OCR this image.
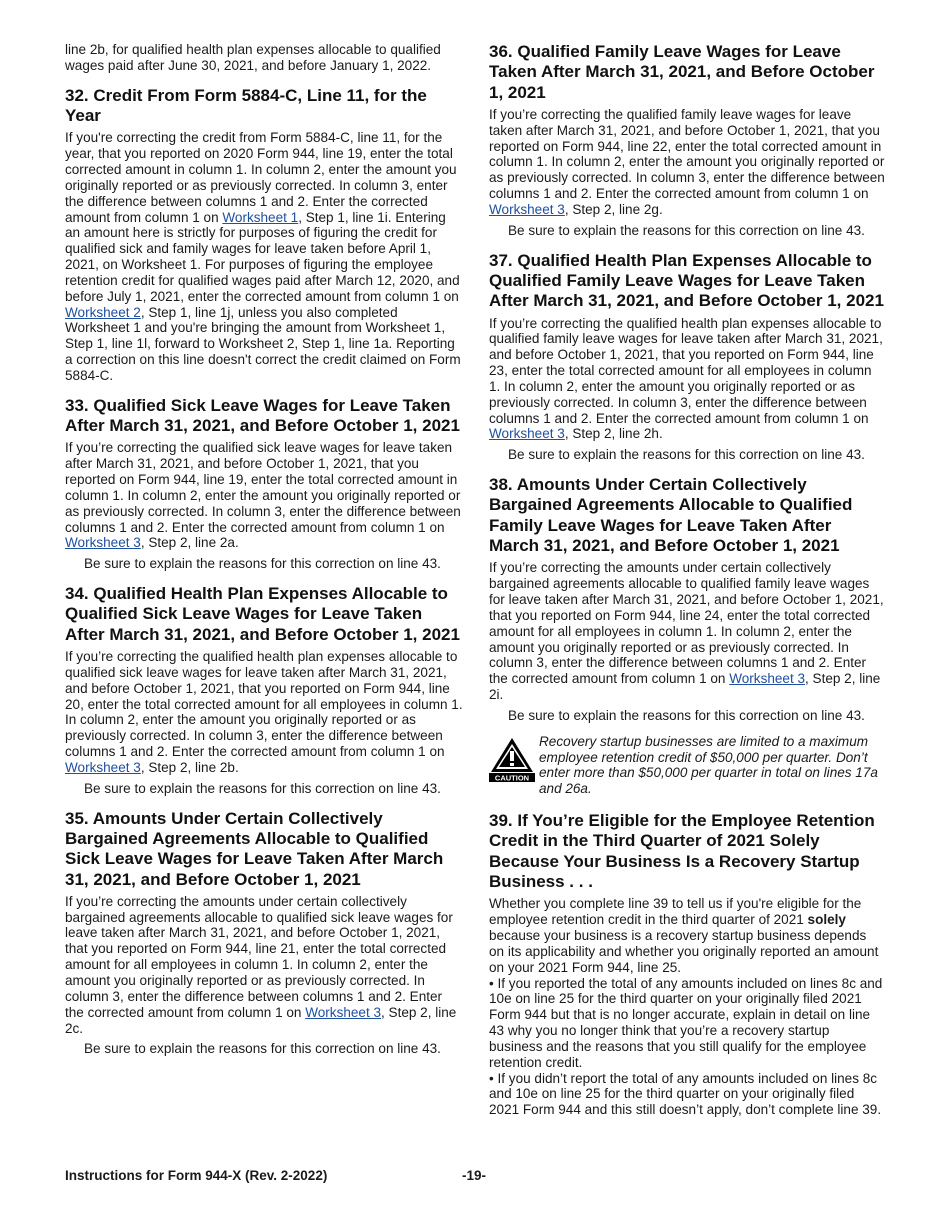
line 2b, for qualified health plan expenses allocable to qualified wages paid after June 30, 2021, and before January 1, 2022.

32. Credit From Form 5884-C, Line 11, for the Year

If you're correcting the credit from Form 5884-C, line 11, for the year, that you reported on 2020 Form 944, line 19, enter the total corrected amount in column 1. In column 2, enter the amount you originally reported or as previously corrected. In column 3, enter the difference between columns 1 and 2. Enter the corrected amount from column 1 on Worksheet 1, Step 1, line 1i. Entering an amount here is strictly for purposes of figuring the credit for qualified sick and family wages for leave taken before April 1, 2021, on Worksheet 1. For purposes of figuring the employee retention credit for qualified wages paid after March 12, 2020, and before July 1, 2021, enter the corrected amount from column 1 on Worksheet 2, Step 1, line 1j, unless you also completed Worksheet 1 and you're bringing the amount from Worksheet 1, Step 1, line 1l, forward to Worksheet 2, Step 1, line 1a. Reporting a correction on this line doesn't correct the credit claimed on Form 5884-C.

33. Qualified Sick Leave Wages for Leave Taken After March 31, 2021, and Before October 1, 2021

If you’re correcting the qualified sick leave wages for leave taken after March 31, 2021, and before October 1, 2021, that you reported on Form 944, line 19, enter the total corrected amount in column 1. In column 2, enter the amount you originally reported or as previously corrected. In column 3, enter the difference between columns 1 and 2. Enter the corrected amount from column 1 on Worksheet 3, Step 2, line 2a.

Be sure to explain the reasons for this correction on line 43.

34. Qualified Health Plan Expenses Allocable to Qualified Sick Leave Wages for Leave Taken After March 31, 2021, and Before October 1, 2021

If you’re correcting the qualified health plan expenses allocable to qualified sick leave wages for leave taken after March 31, 2021, and before October 1, 2021, that you reported on Form 944, line 20, enter the total corrected amount for all employees in column 1. In column 2, enter the amount you originally reported or as previously corrected. In column 3, enter the difference between columns 1 and 2. Enter the corrected amount from column 1 on Worksheet 3, Step 2, line 2b.

Be sure to explain the reasons for this correction on line 43.

35. Amounts Under Certain Collectively Bargained Agreements Allocable to Qualified Sick Leave Wages for Leave Taken After March 31, 2021, and Before October 1, 2021

If you’re correcting the amounts under certain collectively bargained agreements allocable to qualified sick leave wages for leave taken after March 31, 2021, and before October 1, 2021, that you reported on Form 944, line 21, enter the total corrected amount for all employees in column 1. In column 2, enter the amount you originally reported or as previously corrected. In column 3, enter the difference between columns 1 and 2. Enter the corrected amount from column 1 on Worksheet 3, Step 2, line 2c.

Be sure to explain the reasons for this correction on line 43.

36. Qualified Family Leave Wages for Leave Taken After March 31, 2021, and Before October 1, 2021

If you’re correcting the qualified family leave wages for leave taken after March 31, 2021, and before October 1, 2021, that you reported on Form 944, line 22, enter the total corrected amount in column 1. In column 2, enter the amount you originally reported or as previously corrected. In column 3, enter the difference between columns 1 and 2. Enter the corrected amount from column 1 on Worksheet 3, Step 2, line 2g.

Be sure to explain the reasons for this correction on line 43.

37. Qualified Health Plan Expenses Allocable to Qualified Family Leave Wages for Leave Taken After March 31, 2021, and Before October 1, 2021

If you’re correcting the qualified health plan expenses allocable to qualified family leave wages for leave taken after March 31, 2021, and before October 1, 2021, that you reported on Form 944, line 23, enter the total corrected amount for all employees in column 1. In column 2, enter the amount you originally reported or as previously corrected. In column 3, enter the difference between columns 1 and 2. Enter the corrected amount from column 1 on Worksheet 3, Step 2, line 2h.

Be sure to explain the reasons for this correction on line 43.

38. Amounts Under Certain Collectively Bargained Agreements Allocable to Qualified Family Leave Wages for Leave Taken After March 31, 2021, and Before October 1, 2021

If you’re correcting the amounts under certain collectively bargained agreements allocable to qualified family leave wages for leave taken after March 31, 2021, and before October 1, 2021, that you reported on Form 944, line 24, enter the total corrected amount for all employees in column 1. In column 2, enter the amount you originally reported or as previously corrected. In column 3, enter the difference between columns 1 and 2. Enter the corrected amount from column 1 on Worksheet 3, Step 2, line 2i.

Be sure to explain the reasons for this correction on line 43.

CAUTION

Recovery startup businesses are limited to a maximum employee retention credit of $50,000 per quarter. Don’t enter more than $50,000 per quarter in total on lines 17a and 26a.

39. If You’re Eligible for the Employee Retention Credit in the Third Quarter of 2021 Solely Because Your Business Is a Recovery Startup Business . . .

Whether you complete line 39 to tell us if you're eligible for the employee retention credit in the third quarter of 2021 solely because your business is a recovery startup business depends on its applicability and whether you originally reported an amount on your 2021 Form 944, line 25.

• If you reported the total of any amounts included on lines 8c and 10e on line 25 for the third quarter on your originally filed 2021 Form 944 but that is no longer accurate, explain in detail on line 43 why you no longer think that you’re a recovery startup business and the reasons that you still qualify for the employee retention credit.

• If you didn’t report the total of any amounts included on lines 8c and 10e on line 25 for the third quarter on your originally filed 2021 Form 944 and this still doesn’t apply, don’t complete line 39.

Instructions for Form 944-X (Rev. 2-2022)	-19-
